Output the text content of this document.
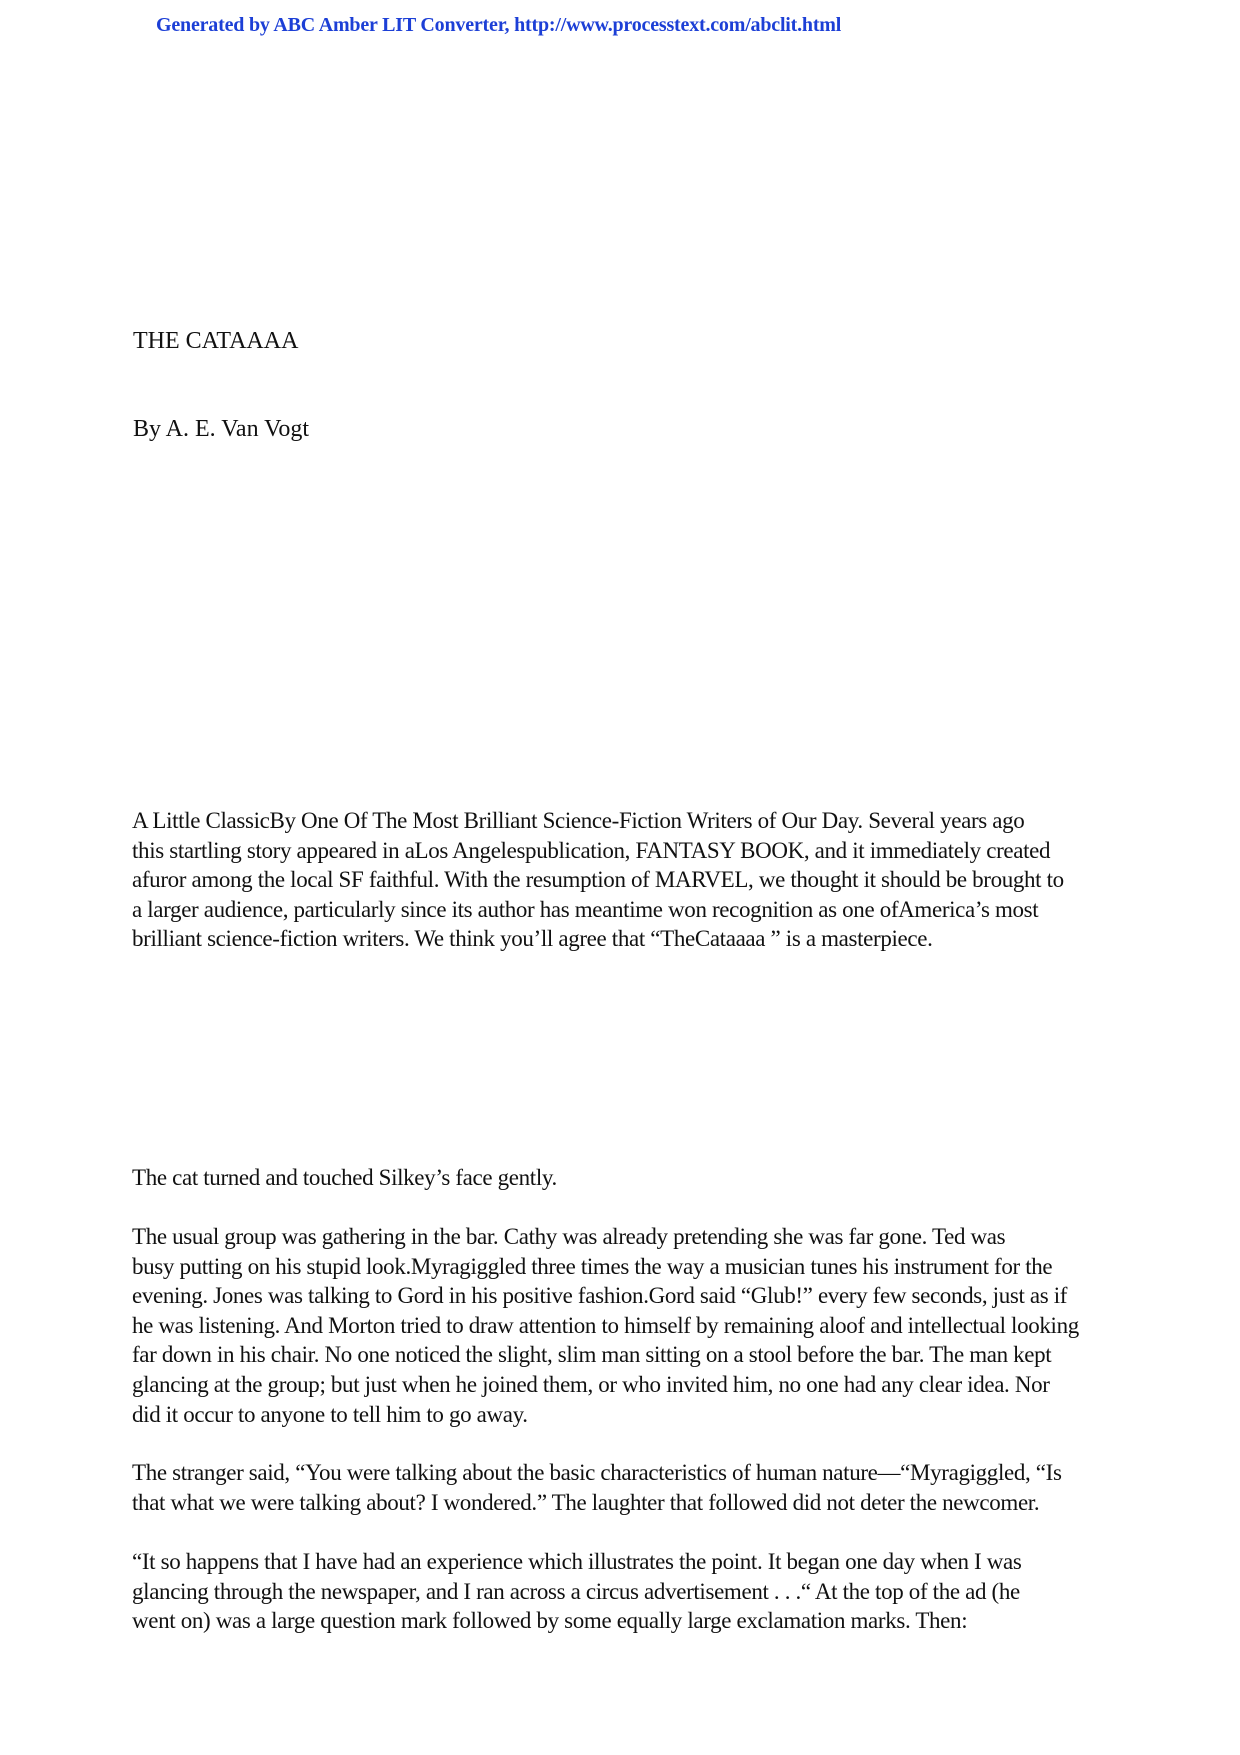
Generated by ABC Amber LIT Converter, http://www.processtext.com/abclit.html
THE CATAAAA
By A. E. Van Vogt
A Little ClassicBy One Of The Most Brilliant Science-Fiction Writers of Our Day. Several years ago
this startling story appeared in aLos Angelespublication, FANTASY BOOK, and it immediately created
afuror among the local SF faithful. With the resumption of MARVEL, we thought it should be brought to
a larger audience, particularly since its author has meantime won recognition as one ofAmerica’s most
brilliant science-fiction writers. We think you’ll agree that “TheCataaaa ” is a masterpiece.
The cat turned and touched Silkey’s face gently.
The usual group was gathering in the bar. Cathy was already pretending she was far gone. Ted was
busy putting on his stupid look.Myragiggled three times the way a musician tunes his instrument for the
evening. Jones was talking to Gord in his positive fashion.Gord said “Glub!” every few seconds, just as if
he was listening. And Morton tried to draw attention to himself by remaining aloof and intellectual looking
far down in his chair. No one noticed the slight, slim man sitting on a stool before the bar. The man kept
glancing at the group; but just when he joined them, or who invited him, no one had any clear idea. Nor
did it occur to anyone to tell him to go away.
The stranger said, “You were talking about the basic characteristics of human nature—“Myragiggled, “Is
that what we were talking about? I wondered.” The laughter that followed did not deter the newcomer.
“It so happens that I have had an experience which illustrates the point. It began one day when I was
glancing through the newspaper, and I ran across a circus advertisement . . .“ At the top of the ad (he
went on) was a large question mark followed by some equally large exclamation marks. Then:
